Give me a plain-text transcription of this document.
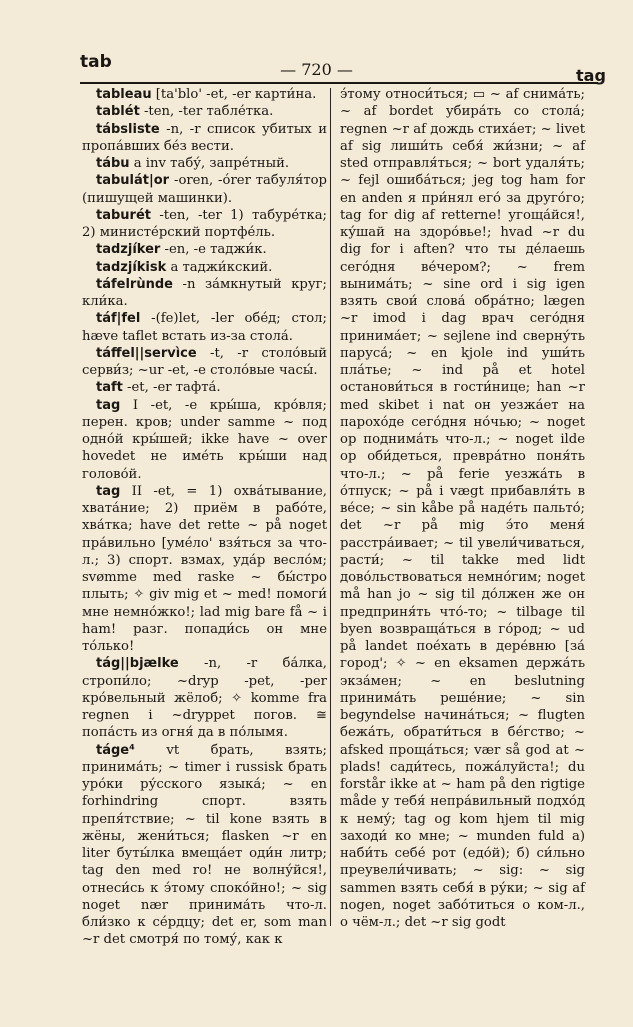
tab	— 720 —	tag

tableau [ta'blo' -et, -er карти́на.

tablét -ten, -ter табле́тка.

tábsliste -n, -r список убитых и пропа́вших бе́з вести.

tábu a inv табу́, запре́тный.

tabulát|or -oren, -órer табуля́тор (пишущей машинки).

taburét -ten, -ter 1) табуре́тка; 2) министе́рский портфе́ль.

tadzjíker -en, -e таджи́к.

tadzjíkisk a таджи́кский.

táfelrùnde -n за́мкнутый круг; кли́ка.

táf|fel -(fe)let, -ler обе́д; стол; hæve taflet встать из-за стола́.

táffel||servìce -t, -r столо́вый серви́з; ~ur -et, -e столо́вые часы́.

taft -et, -er тафта́.

tag I -et, -e кры́ша, кро́вля; перен. кров; under samme ~ под одно́й кры́шей; ikke have ~ over hovedet не име́ть кры́ши над голово́й.

tag II -et, = 1) охва́тывание, хвата́ние; 2) приём в рабо́те, хва́тка; have det rette ~ på noget пра́вильно [уме́ло' взя́ться за что-л.; 3) спорт. взмах, уда́р весло́м; svømme med raske ~ бы́стро плыть; ✧ giv mig et ~ med! помоги́ мне немно́жко!; lad mig bare få ~ i ham! разг. попади́сь он мне то́лько!

tág||bjælke -n, -r ба́лка, стропи́ло; ~dryp -pet, -per кро́вельный жёлоб; ✧ komme fra regnen i ~dryppet погов. ≅ попа́сть из огня́ да в по́лымя.

táge⁴ vt брать, взять; принима́ть; ~ timer i russisk брать уро́ки ру́сского языка́; ~ en forhindring спорт. взять препя́тствие; ~ til kone взять в жёны, жени́ться; flasken ~r en liter буты́лка вмеща́ет оди́н литр; tag den med ro! не волну́йся!, отнеси́сь к э́тому споко́йно!; ~ sig noget nær принима́ть что-л. бли́зко к се́рдцу; det er, som man ~r det смотря́ по тому́, как к

э́тому относи́ться; ▭ ~ af снима́ть; ~ af bordet убира́ть со стола́; regnen ~r af дождь стиха́ет; ~ livet af sig лиши́ть себя́ жи́зни; ~ af sted отправля́ться; ~ bort удаля́ть; ~ fejl ошиба́ться; jeg tog ham for en anden я при́нял его́ за друго́го; tag for dig af retterne! угоща́йся!, ку́шай на здоро́вье!; hvad ~r du dig for i aften? что ты де́лаешь сего́дня ве́чером?; ~ frem вынима́ть; ~ sine ord i sig igen взять свои́ слова́ обра́тно; lægen ~r imod i dag врач сего́дня принима́ет; ~ sejlene ind сверну́ть паруса́; ~ en kjole ind уши́ть пла́тье; ~ ind på et hotel останови́ться в гости́нице; han ~r med skibet i nat он уезжа́ет на парохо́де сего́дня но́чью; ~ noget op поднима́ть что-л.; ~ noget ilde op оби́деться, превра́тно поня́ть что-л.; ~ på ferie уезжа́ть в о́тпуск; ~ på i vægt прибавля́ть в ве́се; ~ sin kåbe på наде́ть пальто́; det ~r på mig э́то меня́ расстра́ивает; ~ til увели́чиваться, расти́; ~ til takke med lidt дово́льствоваться немно́гим; noget må han jo ~ sig til до́лжен же он предприня́ть что́-то; ~ tilbage til byen возвраща́ться в го́род; ~ ud på landet пое́хать в дере́вню [за́ город'; ✧ ~ en eksamen держа́ть экза́мен; ~ en beslutning принима́ть реше́ние; ~ sin begyndelse начина́ться; ~ flugten бежа́ть, обрати́ться в бе́гство; ~ afsked проща́ться; vær så god at ~ plads! сади́тесь, пожа́луйста!; du forstår ikke at ~ ham på den rigtige måde у тебя́ непра́вильный подхо́д к нему́; tag og kom hjem til mig заходи́ ко мне; ~ munden fuld а) наби́ть себе́ рот (едо́й); б) си́льно преувели́чивать; ~ sig: ~ sig sammen взять себя́ в ру́ки; ~ sig af nogen, noget забо́титься о ком-л., о чём-л.; det ~r sig godt
